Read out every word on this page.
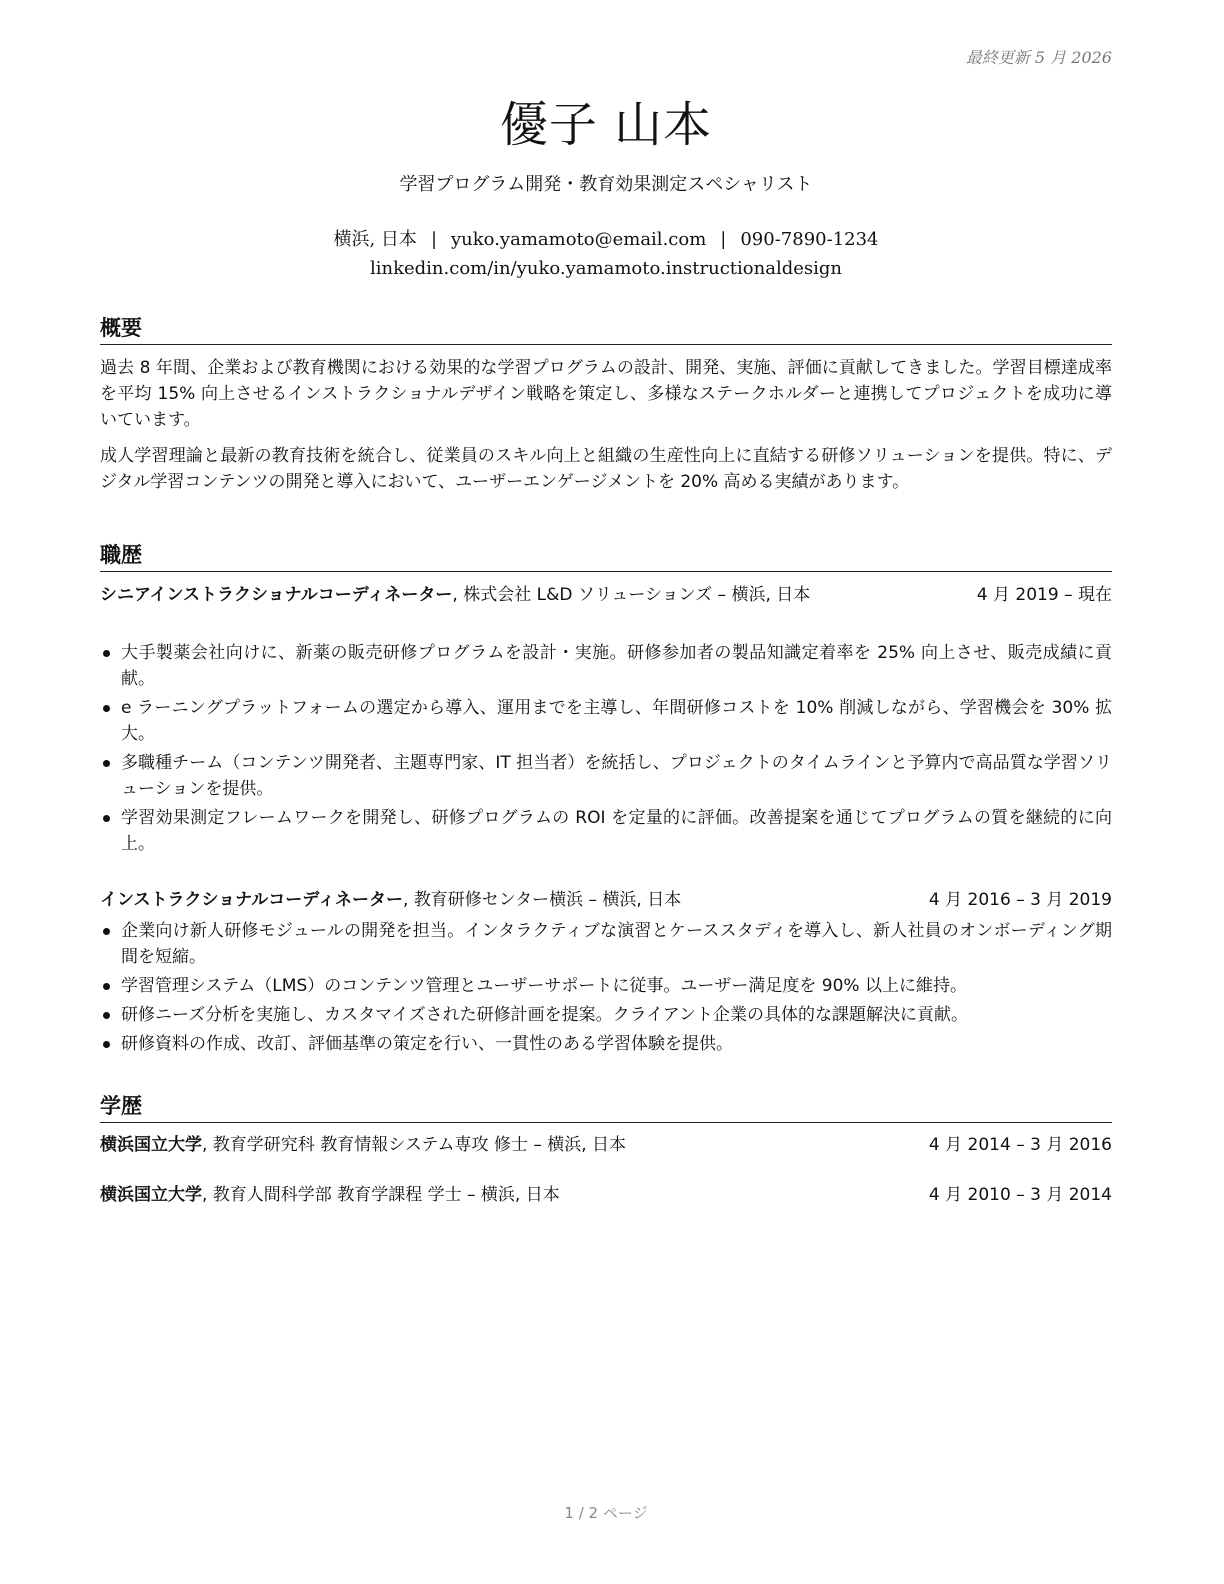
最終更新 5 月 2026
優子 山本
学習プログラム開発・教育効果測定スペシャリスト
横浜, 日本 | yuko.yamamoto@email.com | 090-7890-1234
linkedin.com/in/yuko.yamamoto.instructionaldesign
概要
過去 8 年間、企業および教育機関における効果的な学習プログラムの設計、開発、実施、評価に貢献してきました。学習目標達成率を平均 15% 向上させるインストラクショナルデザイン戦略を策定し、多様なステークホルダーと連携してプロジェクトを成功に導いています。
成人学習理論と最新の教育技術を統合し、従業員のスキル向上と組織の生産性向上に直結する研修ソリューションを提供。特に、デジタル学習コンテンツの開発と導入において、ユーザーエンゲージメントを 20% 高める実績があります。
職歴
シニアインストラクショナルコーディネーター, 株式会社 L&D ソリューションズ – 横浜, 日本	4 月 2019 – 現在
大手製薬会社向けに、新薬の販売研修プログラムを設計・実施。研修参加者の製品知識定着率を 25% 向上させ、販売成績に貢献。
e ラーニングプラットフォームの選定から導入、運用までを主導し、年間研修コストを 10% 削減しながら、学習機会を 30% 拡大。
多職種チーム（コンテンツ開発者、主題専門家、IT 担当者）を統括し、プロジェクトのタイムラインと予算内で高品質な学習ソリューションを提供。
学習効果測定フレームワークを開発し、研修プログラムの ROI を定量的に評価。改善提案を通じてプログラムの質を継続的に向上。
インストラクショナルコーディネーター, 教育研修センター横浜 – 横浜, 日本	4 月 2016 – 3 月 2019
企業向け新人研修モジュールの開発を担当。インタラクティブな演習とケーススタディを導入し、新人社員のオンボーディング期間を短縮。
学習管理システム（LMS）のコンテンツ管理とユーザーサポートに従事。ユーザー満足度を 90% 以上に維持。
研修ニーズ分析を実施し、カスタマイズされた研修計画を提案。クライアント企業の具体的な課題解決に貢献。
研修資料の作成、改訂、評価基準の策定を行い、一貫性のある学習体験を提供。
学歴
横浜国立大学, 教育学研究科 教育情報システム専攻 修士 – 横浜, 日本	4 月 2014 – 3 月 2016
横浜国立大学, 教育人間科学部 教育学課程 学士 – 横浜, 日本	4 月 2010 – 3 月 2014
1 / 2 ページ
